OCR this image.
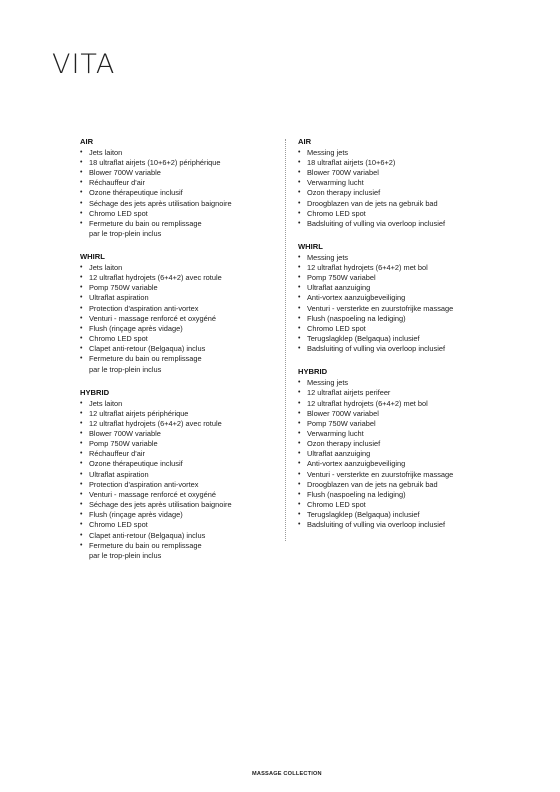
VITA
AIR
• Jets laiton
• 18 ultraflat airjets (10+6+2) périphérique
• Blower 700W variable
• Réchauffeur d'air
• Ozone thérapeutique inclusif
• Séchage des jets après utilisation baignoire
• Chromo LED spot
• Fermeture du bain ou remplissage
par le trop-plein inclus
WHIRL
• Jets laiton
• 12 ultraflat hydrojets (6+4+2) avec rotule
• Pomp 750W variable
• Ultraflat aspiration
• Protection d'aspiration anti-vortex
• Venturi - massage renforcé et oxygéné
• Flush (rinçage après vidage)
• Chromo LED spot
• Clapet anti-retour (Belgaqua) inclus
• Fermeture du bain ou remplissage
par le trop-plein inclus
HYBRID
• Jets laiton
• 12 ultraflat airjets périphérique
• 12 ultraflat hydrojets (6+4+2) avec rotule
• Blower 700W variable
• Pomp 750W variable
• Réchauffeur d'air
• Ozone thérapeutique inclusif
• Ultraflat aspiration
• Protection d'aspiration anti-vortex
• Venturi - massage renforcé et oxygéné
• Séchage des jets après utilisation baignoire
• Flush (rinçage après vidage)
• Chromo LED spot
• Clapet anti-retour (Belgaqua) inclus
• Fermeture du bain ou remplissage
par le trop-plein inclus
AIR
• Messing jets
• 18 ultraflat airjets (10+6+2)
• Blower 700W variabel
• Verwarming lucht
• Ozon therapy inclusief
• Droogblazen van de jets na gebruik bad
• Chromo LED spot
• Badsluiting of vulling via overloop inclusief
WHIRL
• Messing jets
• 12 ultraflat hydrojets (6+4+2) met bol
• Pomp 750W variabel
• Ultraflat aanzuiging
• Anti-vortex aanzuigbeveiliging
• Venturi - versterkte en zuurstofrijke massage
• Flush (naspoeling na lediging)
• Chromo LED spot
• Terugslagklep (Belgaqua) inclusief
• Badsluiting of vulling via overloop inclusief
HYBRID
• Messing jets
• 12 ultraflat airjets perifeer
• 12 ultraflat hydrojets (6+4+2) met bol
• Blower 700W variabel
• Pomp 750W variabel
• Verwarming lucht
• Ozon therapy inclusief
• Ultraflat aanzuiging
• Anti-vortex aanzuigbeveiliging
• Venturi - versterkte en zuurstofrijke massage
• Droogblazen van de jets na gebruik bad
• Flush (naspoeling na lediging)
• Chromo LED spot
• Terugslagklep (Belgaqua) inclusief
• Badsluiting of vulling via overloop inclusief
MASSAGE COLLECTION
